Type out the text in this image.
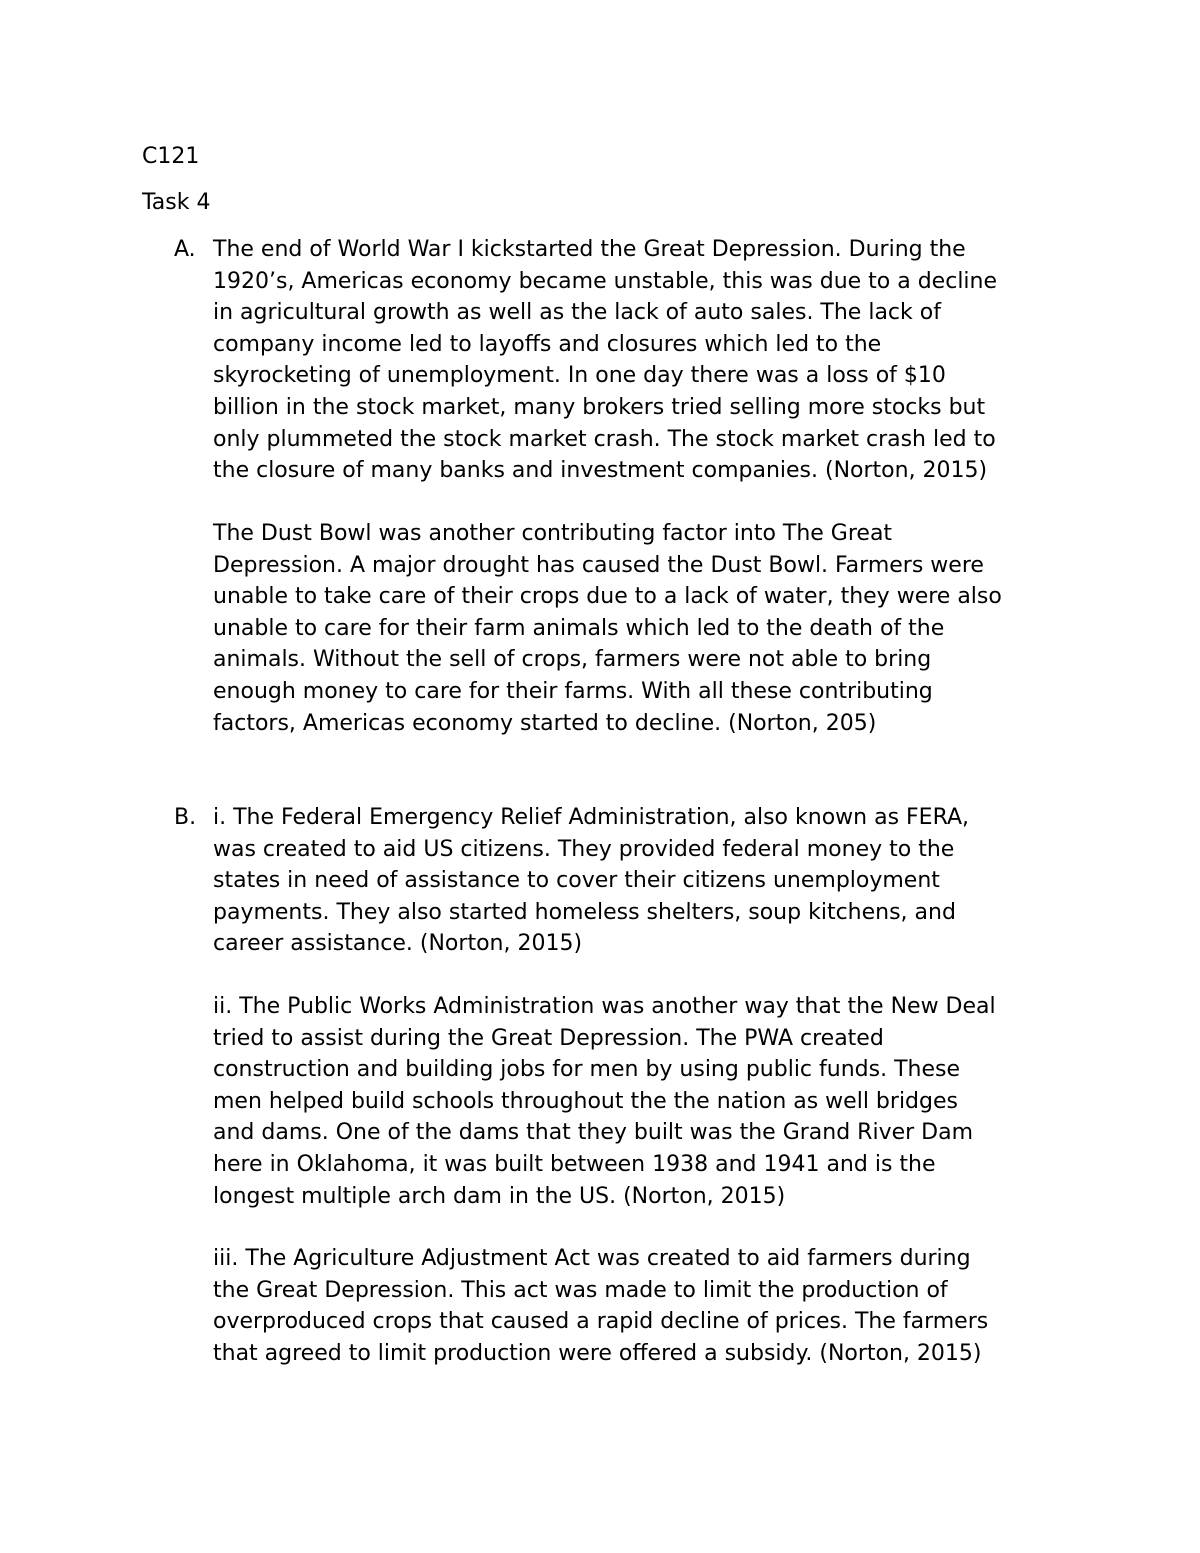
C121

Task 4

A. The end of World War I kickstarted the Great Depression. During the

1920’s, Americas economy became unstable, this was due to a decline

in agricultural growth as well as the lack of auto sales. The lack of

company income led to layoffs and closures which led to the

skyrocketing of unemployment. In one day there was a loss of $10

billion in the stock market, many brokers tried selling more stocks but

only plummeted the stock market crash. The stock market crash led to

the closure of many banks and investment companies. (Norton, 2015)

The Dust Bowl was another contributing factor into The Great

Depression. A major drought has caused the Dust Bowl. Farmers were

unable to take care of their crops due to a lack of water, they were also

unable to care for their farm animals which led to the death of the

animals. Without the sell of crops, farmers were not able to bring

enough money to care for their farms. With all these contributing

factors, Americas economy started to decline. (Norton, 205)

B. i. The Federal Emergency Relief Administration, also known as FERA,

was created to aid US citizens. They provided federal money to the

states in need of assistance to cover their citizens unemployment

payments. They also started homeless shelters, soup kitchens, and

career assistance. (Norton, 2015)

ii. The Public Works Administration was another way that the New Deal

tried to assist during the Great Depression. The PWA created

construction and building jobs for men by using public funds. These

men helped build schools throughout the the nation as well bridges

and dams. One of the dams that they built was the Grand River Dam

here in Oklahoma, it was built between 1938 and 1941 and is the

longest multiple arch dam in the US. (Norton, 2015)

iii. The Agriculture Adjustment Act was created to aid farmers during

the Great Depression. This act was made to limit the production of

overproduced crops that caused a rapid decline of prices. The farmers

that agreed to limit production were offered a subsidy. (Norton, 2015)
